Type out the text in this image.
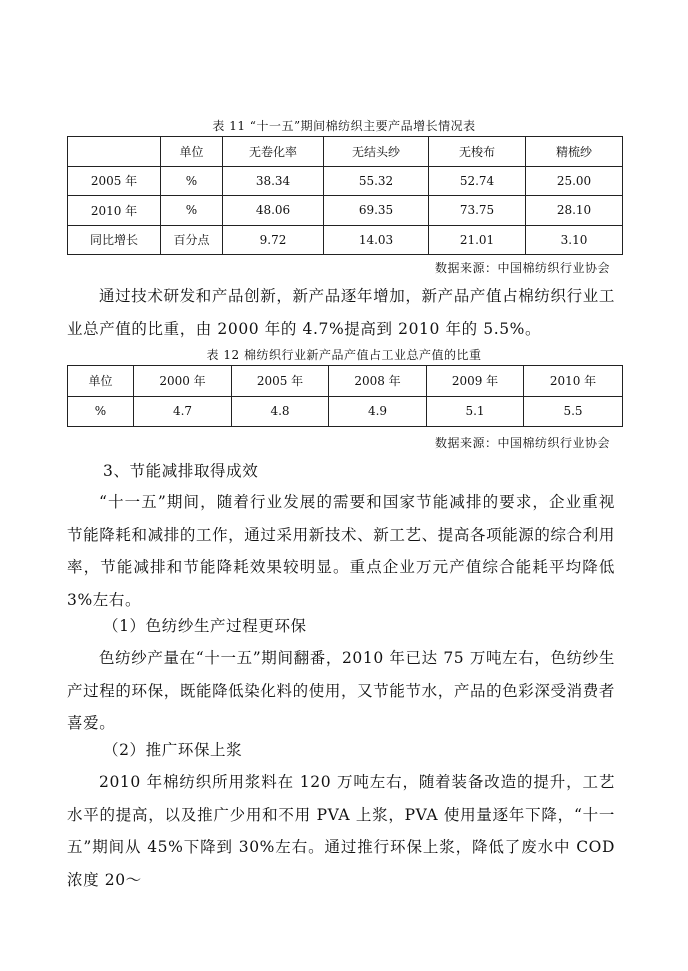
表 11 “十一五”期间棉纺织主要产品增长情况表
	单位	无卷化率	无结头纱	无梭布	精梳纱
2005 年	%	38.34	55.32	52.74	25.00
2010 年	%	48.06	69.35	73.75	28.10
同比增长	百分点	9.72	14.03	21.01	3.10
数据来源：中国棉纺织行业协会

通过技术研发和产品创新，新产品逐年增加，新产品产值占棉纺织行业工业总产值的比重，由 2000 年的 4.7%提高到 2010 年的 5.5%。

表 12 棉纺织行业新产品产值占工业总产值的比重
单位	2000 年	2005 年	2008 年	2009 年	2010 年
%	4.7	4.8	4.9	5.1	5.5
数据来源：中国棉纺织行业协会
3、节能减排取得成效

“十一五”期间，随着行业发展的需要和国家节能减排的要求，企业重视节能降耗和减排的工作，通过采用新技术、新工艺、提高各项能源的综合利用率，节能减排和节能降耗效果较明显。重点企业万元产值综合能耗平均降低3%左右。

（1）色纺纱生产过程更环保

色纺纱产量在“十一五”期间翻番，2010 年已达 75 万吨左右，色纺纱生产过程的环保，既能降低染化料的使用，又节能节水，产品的色彩深受消费者喜爱。

（2）推广环保上浆

2010 年棉纺织所用浆料在 120 万吨左右，随着装备改造的提升，工艺水平的提高，以及推广少用和不用 PVA 上浆，PVA 使用量逐年下降，“十一五”期间从 45%下降到 30%左右。通过推行环保上浆，降低了废水中 COD 浓度 20～
